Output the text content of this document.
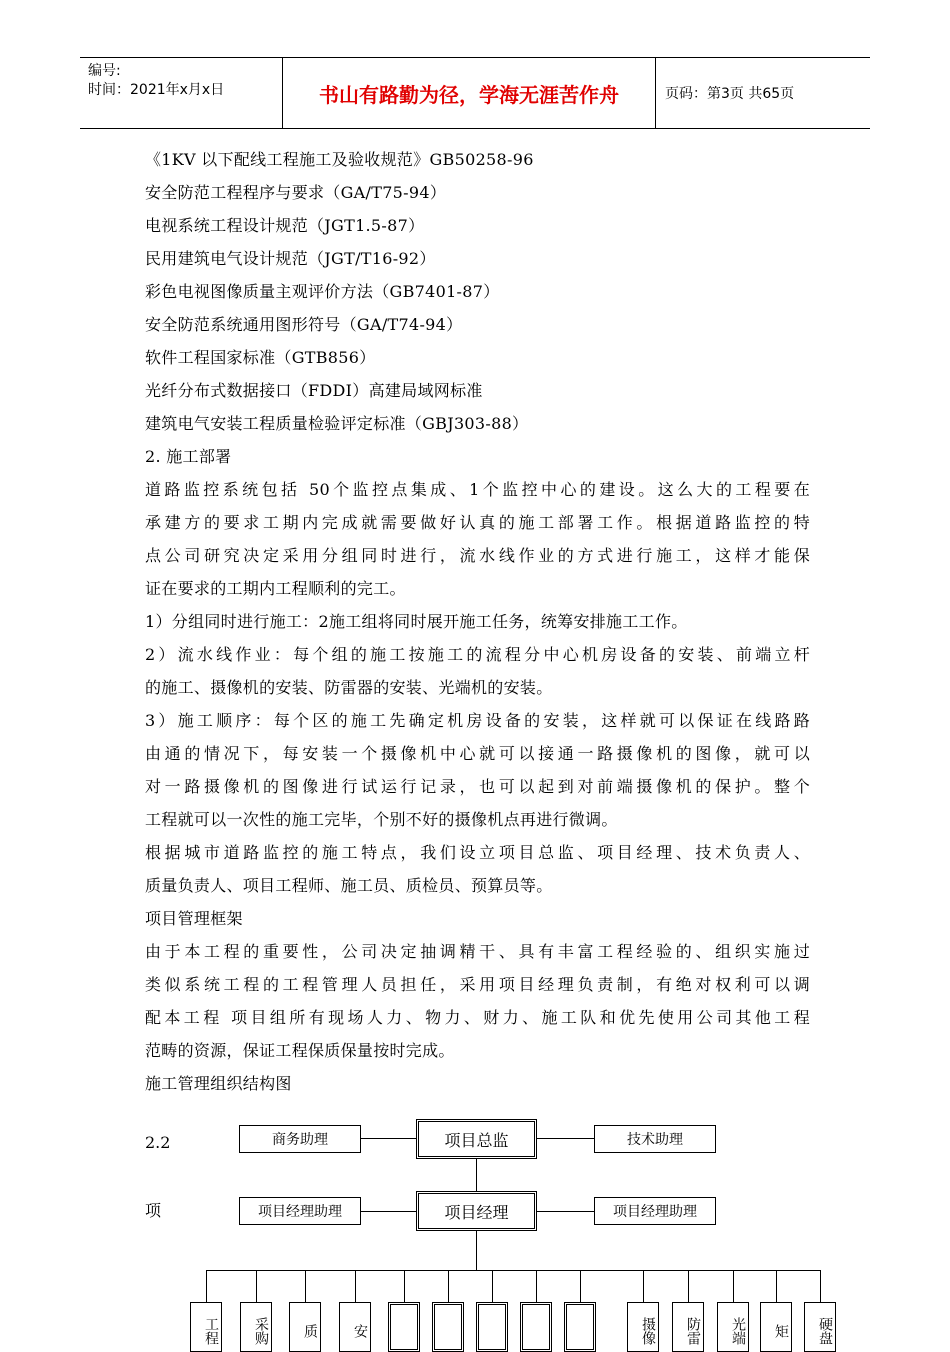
编号:
时间：2021年x月x日	书山有路勤为径，学海无涯苦作舟	页码：第3页 共65页
《1KV 以下配线工程施工及验收规范》GB50258-96
安全防范工程程序与要求（GA/T75-94）
电视系统工程设计规范（JGT1.5-87）
民用建筑电气设计规范（JGT/T16-92）
彩色电视图像质量主观评价方法（GB7401-87）
安全防范系统通用图形符号（GA/T74-94）
软件工程国家标准（GTB856）
光纤分布式数据接口（FDDI）高建局域网标准
建筑电气安装工程质量检验评定标准（GBJ303-88）
2. 施工部署
道路监控系统包括 50个监控点集成、1个监控中心的建设。这么大的工程要在
承建方的要求工期内完成就需要做好认真的施工部署工作。根据道路监控的特
点公司研究决定采用分组同时进行，流水线作业的方式进行施工，这样才能保
证在要求的工期内工程顺利的完工。
1）分组同时进行施工：2施工组将同时展开施工任务，统筹安排施工工作。
2）流水线作业：每个组的施工按施工的流程分中心机房设备的安装、前端立杆
的施工、摄像机的安装、防雷器的安装、光端机的安装。
3）施工顺序：每个区的施工先确定机房设备的安装，这样就可以保证在线路路
由通的情况下，每安装一个摄像机中心就可以接通一路摄像机的图像，就可以
对一路摄像机的图像进行试运行记录，也可以起到对前端摄像机的保护。整个
工程就可以一次性的施工完毕，个别不好的摄像机点再进行微调。
根据城市道路监控的施工特点，我们设立项目总监、项目经理、技术负责人、
质量负责人、项目工程师、施工员、质检员、预算员等。
项目管理框架
由于本工程的重要性，公司决定抽调精干、具有丰富工程经验的、组织实施过
类似系统工程的工程管理人员担任，采用项目经理负责制，有绝对权利可以调
配本工程 项目组所有现场人力、物力、财力、施工队和优先使用公司其他工程
范畴的资源，保证工程保质保量按时完成。
施工管理组织结构图
2.2
项
商务助理	项目总监	技术助理
项目经理助理	项目经理	项目经理助理
工程	采购	质	安	摄像	防雷	光端	矩	硬盘
